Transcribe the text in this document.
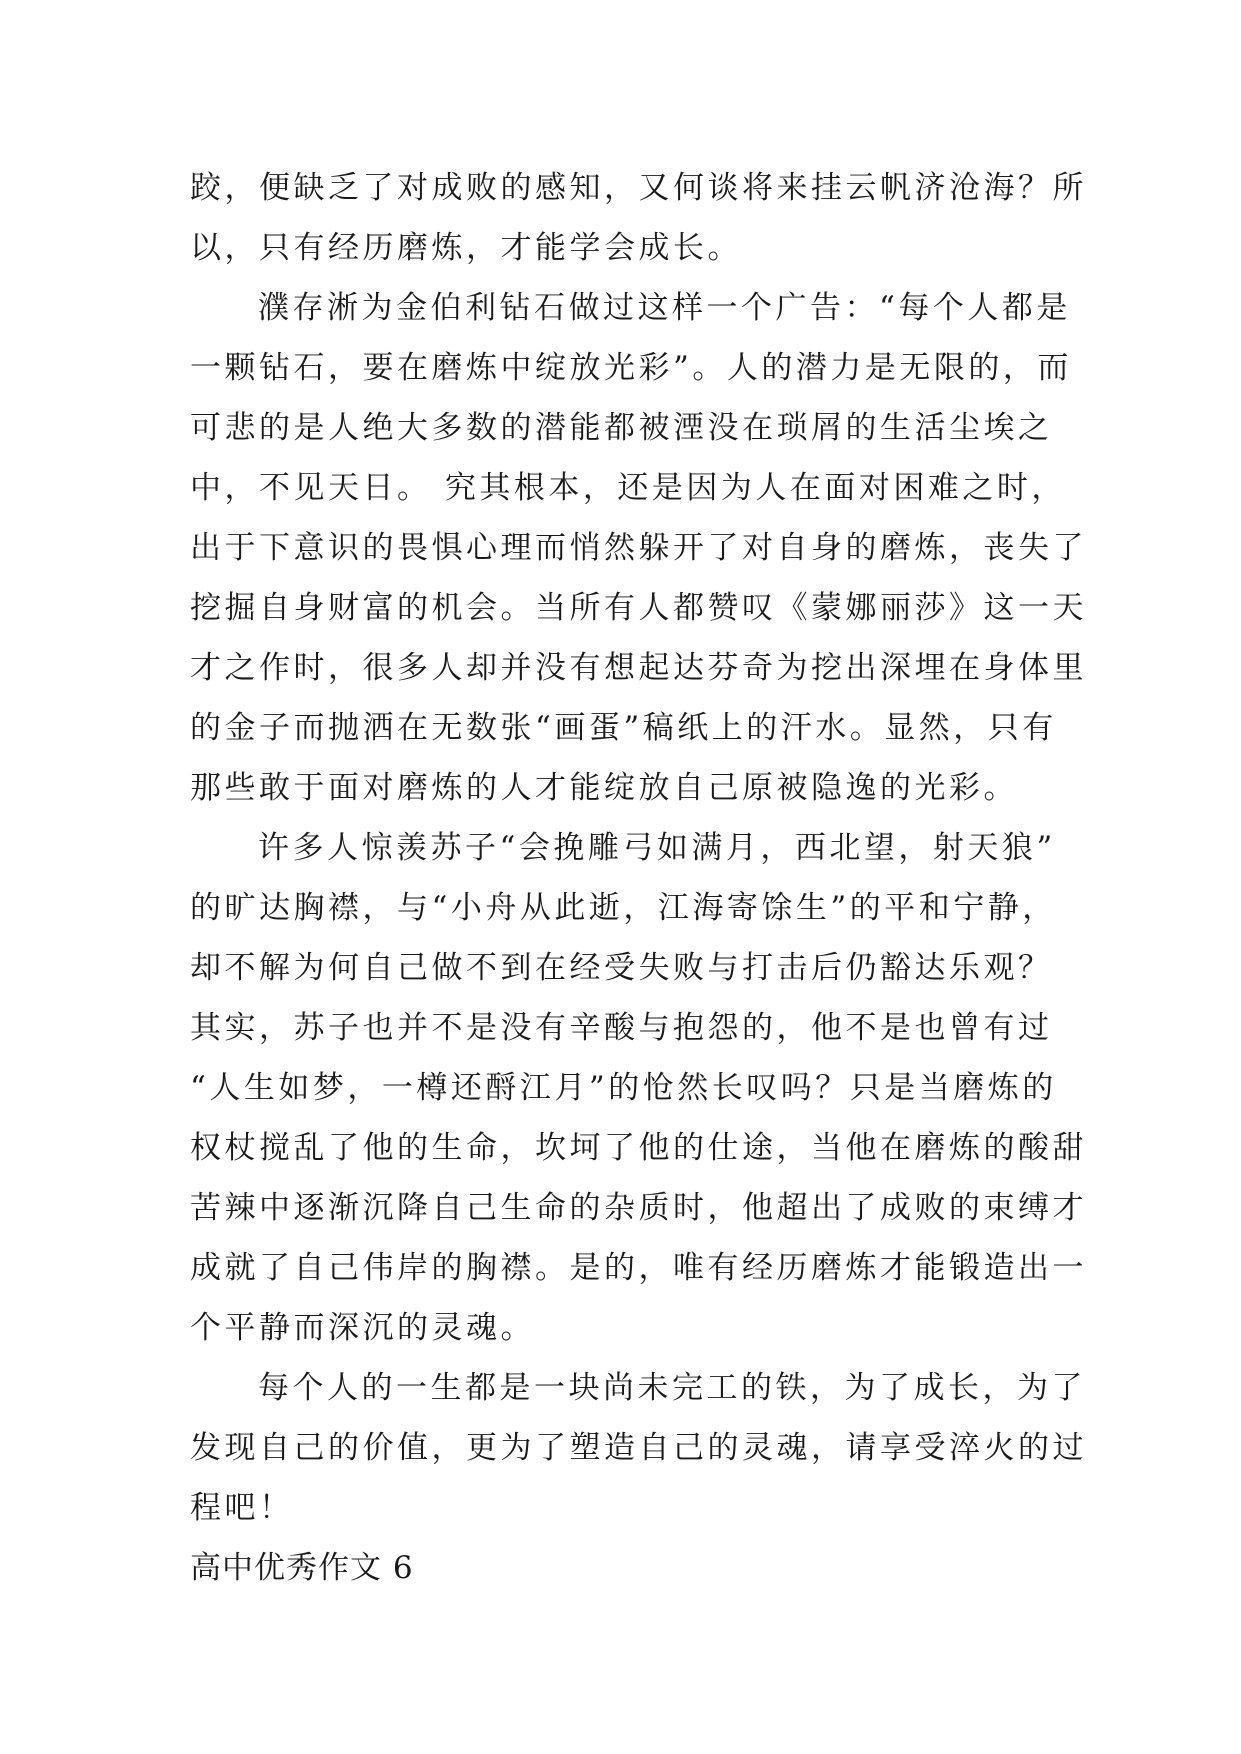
跤，便缺乏了对成败的感知，又何谈将来挂云帆济沧海？所
以，只有经历磨炼，才能学会成长。
濮存淅为金伯利钻石做过这样一个广告：“每个人都是
一颗钻石，要在磨炼中绽放光彩”。人的潜力是无限的，而
可悲的是人绝大多数的潜能都被湮没在琐屑的生活尘埃之
中，不见天日。 究其根本，还是因为人在面对困难之时，
出于下意识的畏惧心理而悄然躲开了对自身的磨炼，丧失了
挖掘自身财富的机会。当所有人都赞叹《蒙娜丽莎》这一天
才之作时，很多人却并没有想起达芬奇为挖出深埋在身体里
的金子而抛洒在无数张“画蛋”稿纸上的汗水。显然，只有
那些敢于面对磨炼的人才能绽放自己原被隐逸的光彩。
许多人惊羡苏子“会挽雕弓如满月，西北望，射天狼”
的旷达胸襟，与“小舟从此逝，江海寄馀生”的平和宁静，
却不解为何自己做不到在经受失败与打击后仍豁达乐观？
其实，苏子也并不是没有辛酸与抱怨的，他不是也曾有过
“人生如梦，一樽还酹江月”的怆然长叹吗？只是当磨炼的
权杖搅乱了他的生命，坎坷了他的仕途，当他在磨炼的酸甜
苦辣中逐渐沉降自己生命的杂质时，他超出了成败的束缚才
成就了自己伟岸的胸襟。是的，唯有经历磨炼才能锻造出一
个平静而深沉的灵魂。
每个人的一生都是一块尚未完工的铁，为了成长，为了
发现自己的价值，更为了塑造自己的灵魂，请享受淬火的过
程吧！
高中优秀作文 6
